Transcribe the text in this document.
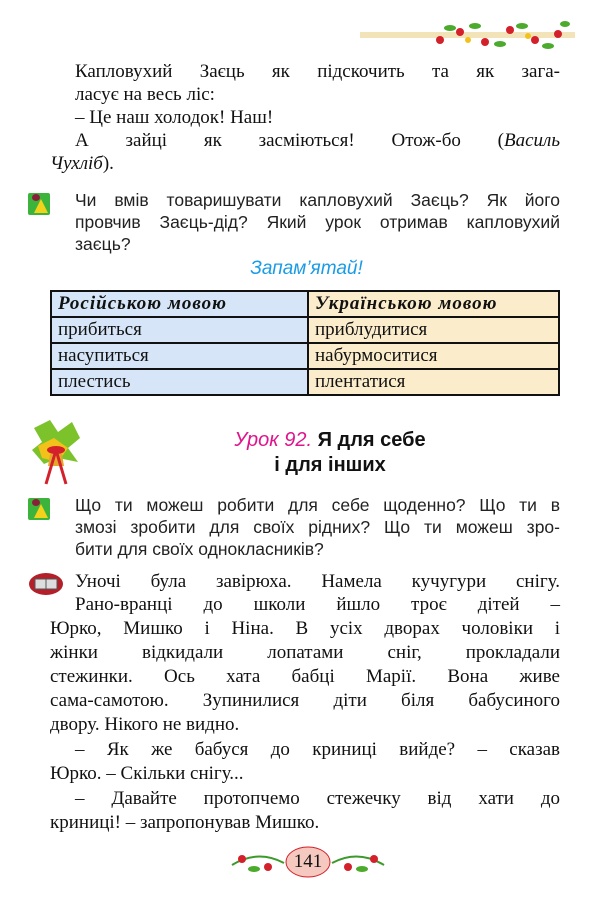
Капловухий Заєць як підскочить та як зага-
ласує на весь ліс:
– Це наш холодок! Наш!
А зайці як засміються! Отож-бо (Василь
Чухліб).
Чи вмів товаришувати капловухий Заєць? Як його
провчив Заєць-дід? Який урок отримав капловухий
заєць?
Запам’ятай!
Російською мовою	Українською мовою
прибиться	приблудитися
насупиться	набурмоситися
плестись	плентатися
Урок 92. Я для себе
і для інших
Що ти можеш робити для себе щоденно? Що ти в
змозі зробити для своїх рідних? Що ти можеш зро-
бити для своїх однокласників?
Уночі була завірюха. Намела кучугури снігу.
Рано-вранці до школи йшло троє дітей –
Юрко, Мишко і Ніна. В усіх дворах чоловіки і
жінки відкидали лопатами сніг, прокладали
стежинки. Ось хата бабці Марії. Вона живе
сама-самотою. Зупинилися діти біля бабусиного
двору. Нікого не видно.
– Як же бабуся до криниці вийде? – сказав
Юрко. – Скільки снігу...
– Давайте протопчемо стежечку від хати до
криниці! – запропонував Мишко.
141
